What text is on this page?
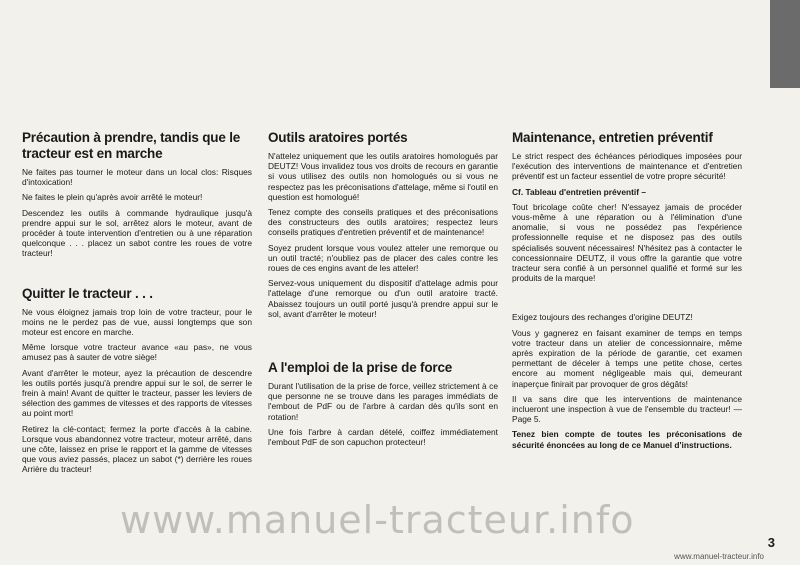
Précaution à prendre, tandis que le tracteur est en marche

Ne faites pas tourner le moteur dans un local clos: Risques d'intoxication!

Ne faites le plein qu'après avoir arrêté le moteur!

Descendez les outils à commande hydraulique jusqu'à prendre appui sur le sol, arrêtez alors le moteur, avant de procéder à toute intervention d'entretien ou à une réparation quelconque . . . placez un sabot contre les roues de votre tracteur!

Quitter le tracteur . . .

Ne vous éloignez jamais trop loin de votre tracteur, pour le moins ne le perdez pas de vue, aussi longtemps que son moteur est encore en marche.

Même lorsque votre tracteur avance «au pas», ne vous amusez pas à sauter de votre siège!

Avant d'arrêter le moteur, ayez la précaution de descendre les outils portés jusqu'à prendre appui sur le sol, de serrer le frein à main! Avant de quitter le tracteur, passer les leviers de sélection des gammes de vitesses et des rapports de vitesses au point mort!

Retirez la clé-contact; fermez la porte d'accès à la cabine. Lorsque vous abandonnez votre tracteur, moteur arrêté, dans une côte, laissez en prise le rapport et la gamme de vitesses que vous aviez passés, placez un sabot (*) derrière les roues Arrière du tracteur!

Outils aratoires portés

N'attelez uniquement que les outils aratoires homologués par DEUTZ! Vous invalidez tous vos droits de recours en garantie si vous utilisez des outils non homologués ou si vous ne respectez pas les préconisations d'attelage, même si l'outil en question est homologué!

Tenez compte des conseils pratiques et des préconisations des constructeurs des outils aratoires; respectez leurs conseils pratiques d'entretien préventif et de maintenance!

Soyez prudent lorsque vous voulez atteler une remorque ou un outil tracté; n'oubliez pas de placer des cales contre les roues de ces engins avant de les atteler!

Servez-vous uniquement du dispositif d'attelage admis pour l'attelage d'une remorque ou d'un outil aratoire tracté. Abaissez toujours un outil porté jusqu'à prendre appui sur le sol, avant d'arrêter le moteur!

A l'emploi de la prise de force

Durant l'utilisation de la prise de force, veillez strictement à ce que personne ne se trouve dans les parages immédiats de l'embout de PdF ou de l'arbre à cardan dès qu'ils sont en rotation!

Une fois l'arbre à cardan dételé, coiffez immédiatement l'embout PdF de son capuchon protecteur!

Maintenance, entretien préventif

Le strict respect des échéances périodiques imposées pour l'exécution des interventions de maintenance et d'entretien préventif est un facteur essentiel de votre propre sécurité!

Cf. Tableau d'entretien préventif –

Tout bricolage coûte cher! N'essayez jamais de procéder vous-même à une réparation ou à l'élimination d'une anomalie, si vous ne possédez pas l'expérience professionnelle requise et ne disposez pas des outils spécialisés souvent nécessaires! N'hésitez pas à contacter le concessionnaire DEUTZ, il vous offre la garantie que votre tracteur sera confié à un personnel qualifié et formé sur les produits de la marque!

Exigez toujours des rechanges d'origine DEUTZ!

Vous y gagnerez en faisant examiner de temps en temps votre tracteur dans un atelier de concessionnaire, même après expiration de la période de garantie, cet examen permettant de déceler à temps une petite chose, certes encore au moment négligeable mais qui, demeurant inaperçue finirait par provoquer de gros dégâts!

Il va sans dire que les interventions de maintenance inclueront une inspection à vue de l'ensemble du tracteur! — Page 5.

Tenez bien compte de toutes les préconisations de sécurité énoncées au long de ce Manuel d'instructions.

www.manuel-tracteur.info
3
www.manuel-tracteur.info
